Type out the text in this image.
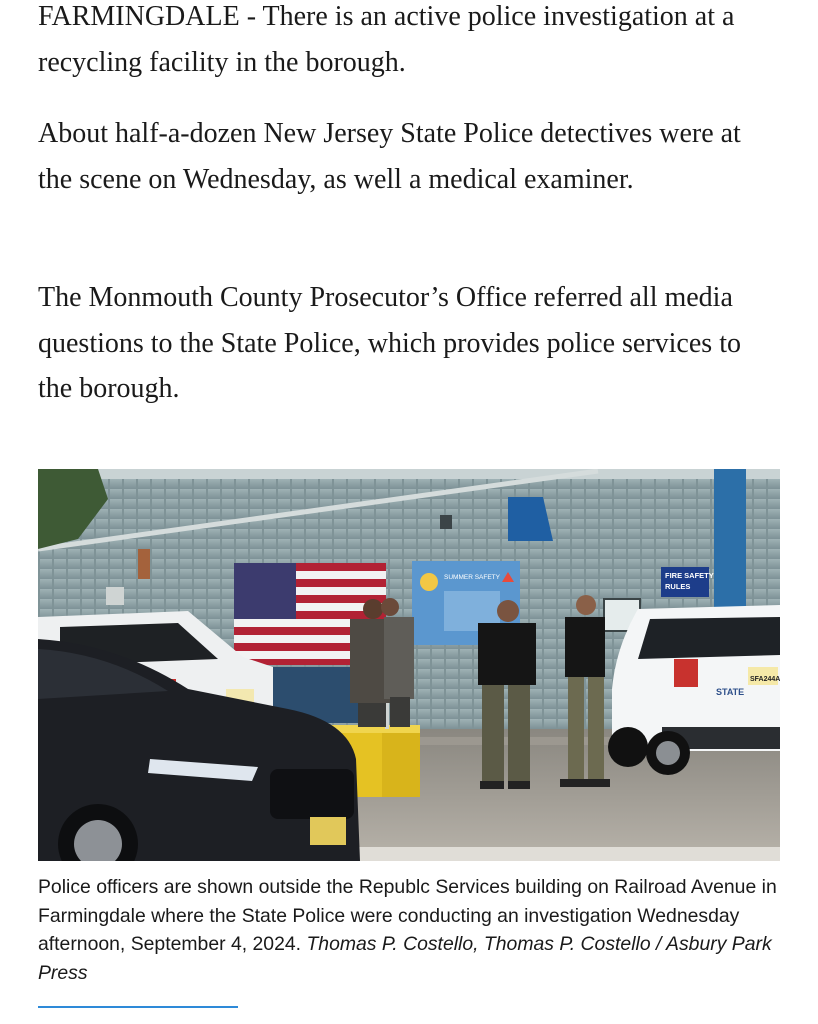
FARMINGDALE - There is an active police investigation at a recycling facility in the borough.

About half-a-dozen New Jersey State Police detectives were at the scene on Wednesday, as well a medical examiner.

The Monmouth County Prosecutor’s Office referred all media questions to the State Police, which provides police services to the borough.

SUMMER SAFETY	FIRE SAFETY
RULES
SFA244A
STATE

Police officers are shown outside the Republc Services building on Railroad Avenue in Farmingdale where the State Police were conducting an investigation Wednesday afternoon, September 4, 2024. Thomas P. Costello, Thomas P. Costello / Asbury Park Press
